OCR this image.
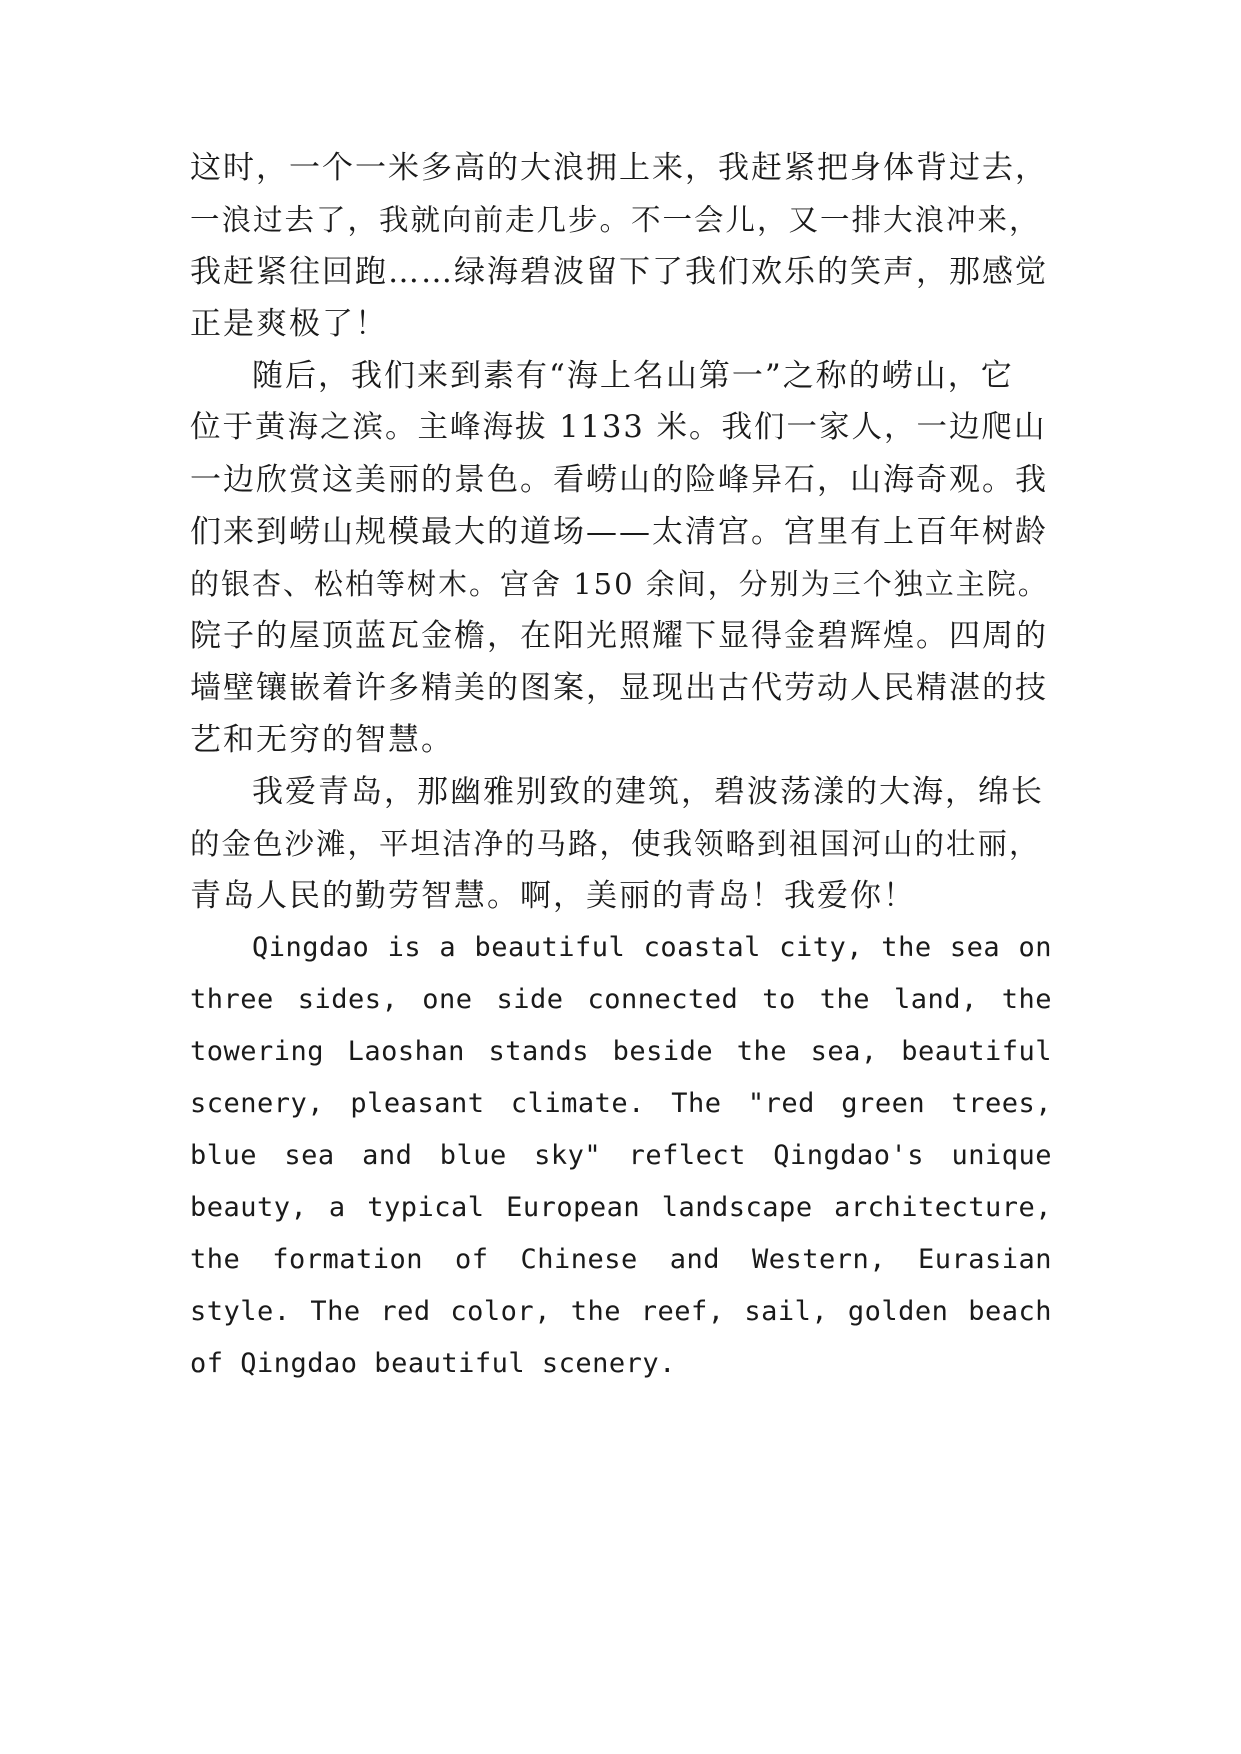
这时，一个一米多高的大浪拥上来，我赶紧把身体背过去，
一浪过去了，我就向前走几步。不一会儿，又一排大浪冲来，
我赶紧往回跑……绿海碧波留下了我们欢乐的笑声，那感觉
正是爽极了！
随后，我们来到素有“海上名山第一”之称的崂山，它
位于黄海之滨。主峰海拔 1133 米。我们一家人，一边爬山
一边欣赏这美丽的景色。看崂山的险峰异石，山海奇观。我
们来到崂山规模最大的道场——太清宫。宫里有上百年树龄
的银杏、松柏等树木。宫舍 150 余间，分别为三个独立主院。
院子的屋顶蓝瓦金檐，在阳光照耀下显得金碧辉煌。四周的
墙壁镶嵌着许多精美的图案，显现出古代劳动人民精湛的技
艺和无穷的智慧。
我爱青岛，那幽雅别致的建筑，碧波荡漾的大海，绵长
的金色沙滩，平坦洁净的马路，使我领略到祖国河山的壮丽，
青岛人民的勤劳智慧。啊，美丽的青岛！我爱你！
Qingdao is a beautiful coastal city, the sea on
three sides, one side connected to the land, the
towering Laoshan stands beside the sea, beautiful
scenery, pleasant climate. The "red green trees,
blue sea and blue sky" reflect Qingdao's unique
beauty, a typical European landscape architecture,
the formation of Chinese and Western, Eurasian
style. The red color, the reef, sail, golden beach
of Qingdao beautiful scenery.
